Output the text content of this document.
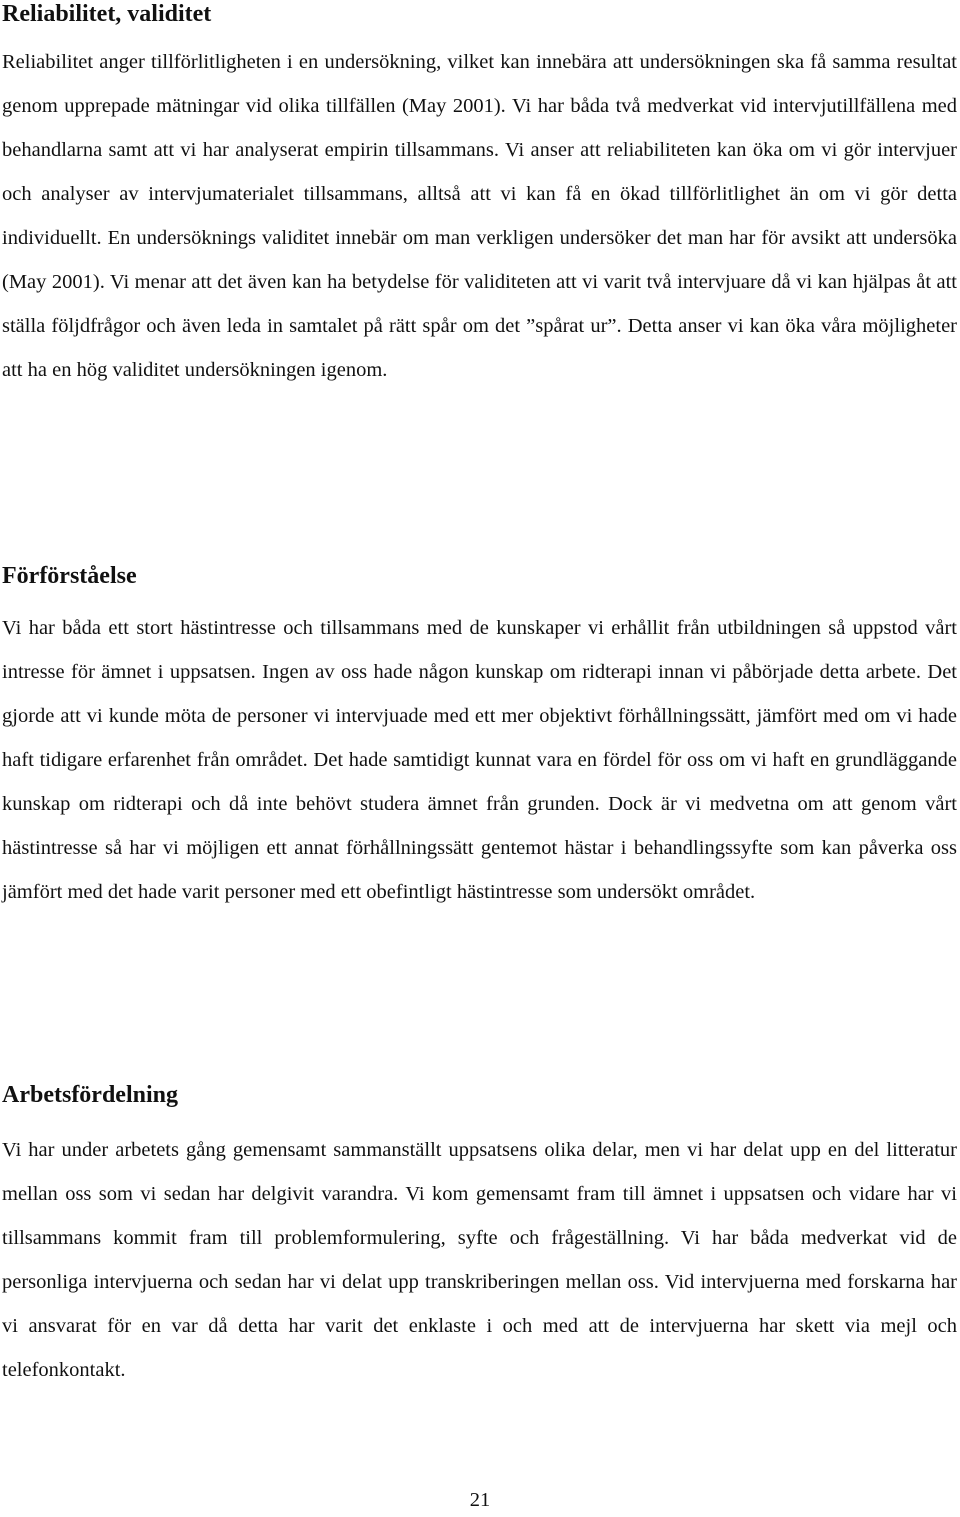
Reliabilitet, validitet

Reliabilitet anger tillförlitligheten i en undersökning, vilket kan innebära att undersökningen ska få samma resultat genom upprepade mätningar vid olika tillfällen (May 2001). Vi har båda två medverkat vid intervjutillfällena med behandlarna samt att vi har analyserat empirin tillsammans. Vi anser att reliabiliteten kan öka om vi gör intervjuer och analyser av intervjumaterialet tillsammans, alltså att vi kan få en ökad tillförlitlighet än om vi gör detta individuellt. En undersöknings validitet innebär om man verkligen undersöker det man har för avsikt att undersöka (May 2001). Vi menar att det även kan ha betydelse för validiteten att vi varit två intervjuare då vi kan hjälpas åt att ställa följdfrågor och även leda in samtalet på rätt spår om det ”spårat ur”. Detta anser vi kan öka våra möjligheter att ha en hög validitet undersökningen igenom.

Förförståelse

Vi har båda ett stort hästintresse och tillsammans med de kunskaper vi erhållit från utbildningen så uppstod vårt intresse för ämnet i uppsatsen. Ingen av oss hade någon kunskap om ridterapi innan vi påbörjade detta arbete. Det gjorde att vi kunde möta de personer vi intervjuade med ett mer objektivt förhållningssätt, jämfört med om vi hade haft tidigare erfarenhet från området. Det hade samtidigt kunnat vara en fördel för oss om vi haft en grundläggande kunskap om ridterapi och då inte behövt studera ämnet från grunden. Dock är vi medvetna om att genom vårt hästintresse så har vi möjligen ett annat förhållningssätt gentemot hästar i behandlingssyfte som kan påverka oss jämfört med det hade varit personer med ett obefintligt hästintresse som undersökt området.

Arbetsfördelning

Vi har under arbetets gång gemensamt sammanställt uppsatsens olika delar, men vi har delat upp en del litteratur mellan oss som vi sedan har delgivit varandra. Vi kom gemensamt fram till ämnet i uppsatsen och vidare har vi tillsammans kommit fram till problemformulering, syfte och frågeställning. Vi har båda medverkat vid de personliga intervjuerna och sedan har vi delat upp transkriberingen mellan oss. Vid intervjuerna med forskarna har vi ansvarat för en var då detta har varit det enklaste i och med att de intervjuerna har skett via mejl och telefonkontakt.

21
